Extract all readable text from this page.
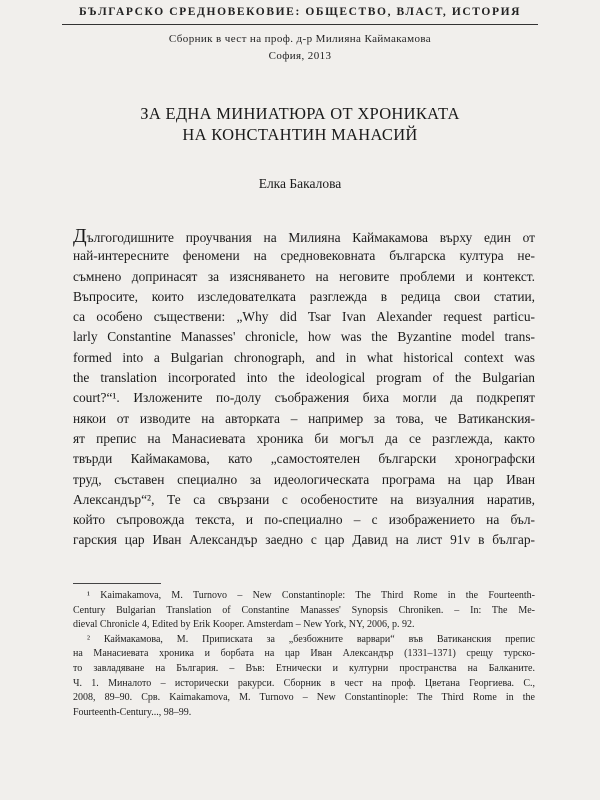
БЪЛГАРСКО СРЕДНОВЕКОВИЕ: ОБЩЕСТВО, ВЛАСТ, ИСТОРИЯ
Сборник в чест на проф. д-р Милияна Каймакамова
София, 2013
ЗА ЕДНА МИНИАТЮРА ОТ ХРОНИКАТА
НА КОНСТАНТИН МАНАСИЙ
Елка Бакалова
Дългогодишните проучвания на Милияна Каймакамова върху един от
най-интересните феномени на средновековната българска култура не-
съмнено допринасят за изясняването на неговите проблеми и контекст.
Въпросите, които изследователката разглежда в редица свои статии,
са особено съществени: „Why did Tsar Ivan Alexander request particu-
larly Constantine Manasses' chronicle, how was the Byzantine model trans-
formed into a Bulgarian chronograph, and in what historical context was
the translation incorporated into the ideological program of the Bulgarian
court?“¹. Изложените по-долу съображения биха могли да подкрепят
някои от изводите на авторката – например за това, че Ватиканския-
ят препис на Манасиевата хроника би могъл да се разглежда, както
твърди Каймакамова, като „самостоятелен български хронографски
труд, съставен специално за идеологическата програма на цар Иван
Александър“², Те са свързани с особеностите на визуалния наратив,
който съпровожда текста, и по-специално – с изображението на бъл-
гарския цар Иван Александър заедно с цар Давид на лист 91v в българ-
¹ Kaimakamova, M. Turnovo – New Constantinople: The Third Rome in the Fourteenth-
Century Bulgarian Translation of Constantine Manasses' Synopsis Chroniken. – In: The Me-
dieval Chronicle 4, Edited by Erik Kooper. Amsterdam – New York, NY, 2006, p. 92.
² Каймакамова, М. Приписката за „безбожните варвари“ във Ватиканския препис
на Манасиевата хроника и борбата на цар Иван Александър (1331–1371) срещу турско-
то завладяване на България. – Във: Етнически и културни пространства на Балканите.
Ч. 1. Миналото – исторически ракурси. Сборник в чест на проф. Цветана Георгиева. С.,
2008, 89–90. Срв. Kaimakamova, M. Turnovo – New Constantinople: The Third Rome in the
Fourteenth-Century..., 98–99.
